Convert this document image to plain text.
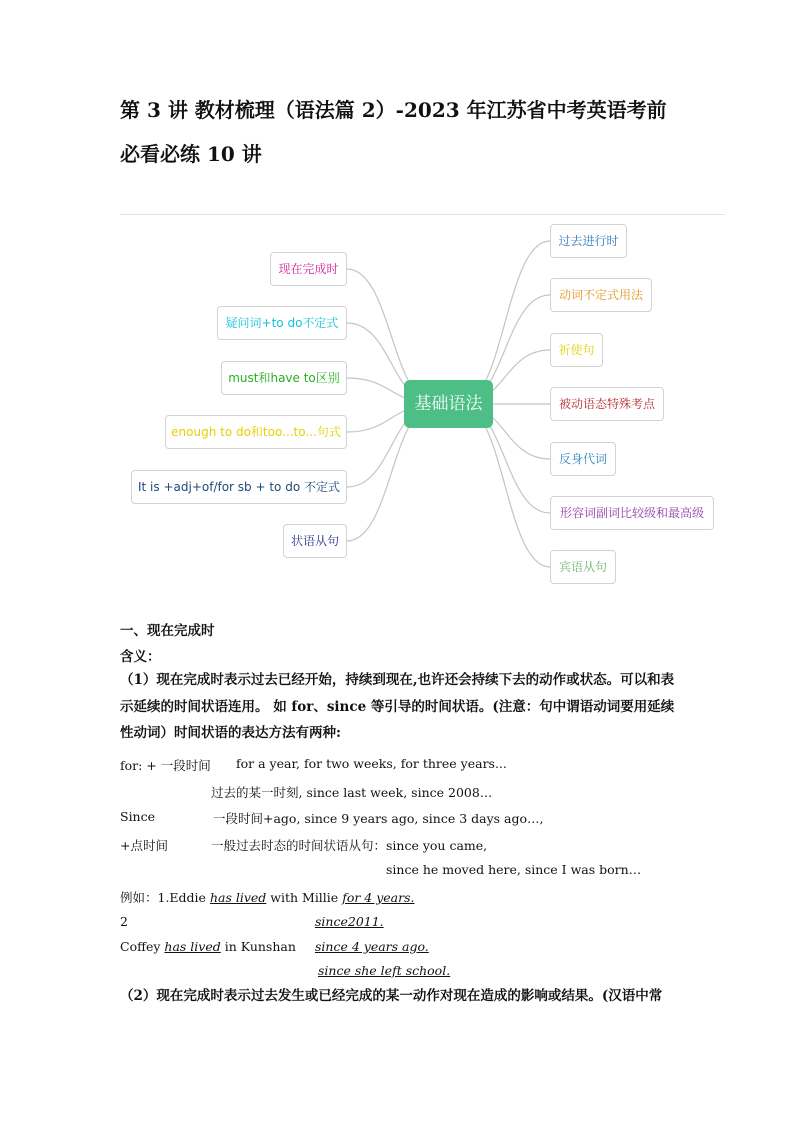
第 3 讲 教材梳理（语法篇 2）-2023 年江苏省中考英语考前
必看必练 10 讲
基础语法
现在完成时
疑问词+to do不定式
must和have to区别
enough to do和too...to...句式
It is +adj+of/for sb + to do 不定式
状语从句
过去进行时
动词不定式用法
祈使句
被动语态特殊考点
反身代词
形容词副词比较级和最高级
宾语从句
一、现在完成时
含义：
（1）现在完成时表示过去已经开始，持续到现在,也许还会持续下去的动作或状态。可以和表示延续的时间状语连用。 如 for、since 等引导的时间状语。(注意：句中谓语动词要用延续性动词）时间状语的表达方法有两种:
for: + 一段时间 for a year, for two weeks, for three years...
过去的某一时刻, since last week, since 2008…
Since	一段时间+ago, since 9 years ago, since 3 days ago…,
+点时间	一般过去时态的时间状语从句：since you came,
since he moved here, since I was born…
例如：1.Eddie has lived with Millie for 4 years.
2	since2011.
Coffey has lived in Kunshan since 4 years ago.
since she left school.
（2）现在完成时表示过去发生或已经完成的某一动作对现在造成的影响或结果。(汉语中常
